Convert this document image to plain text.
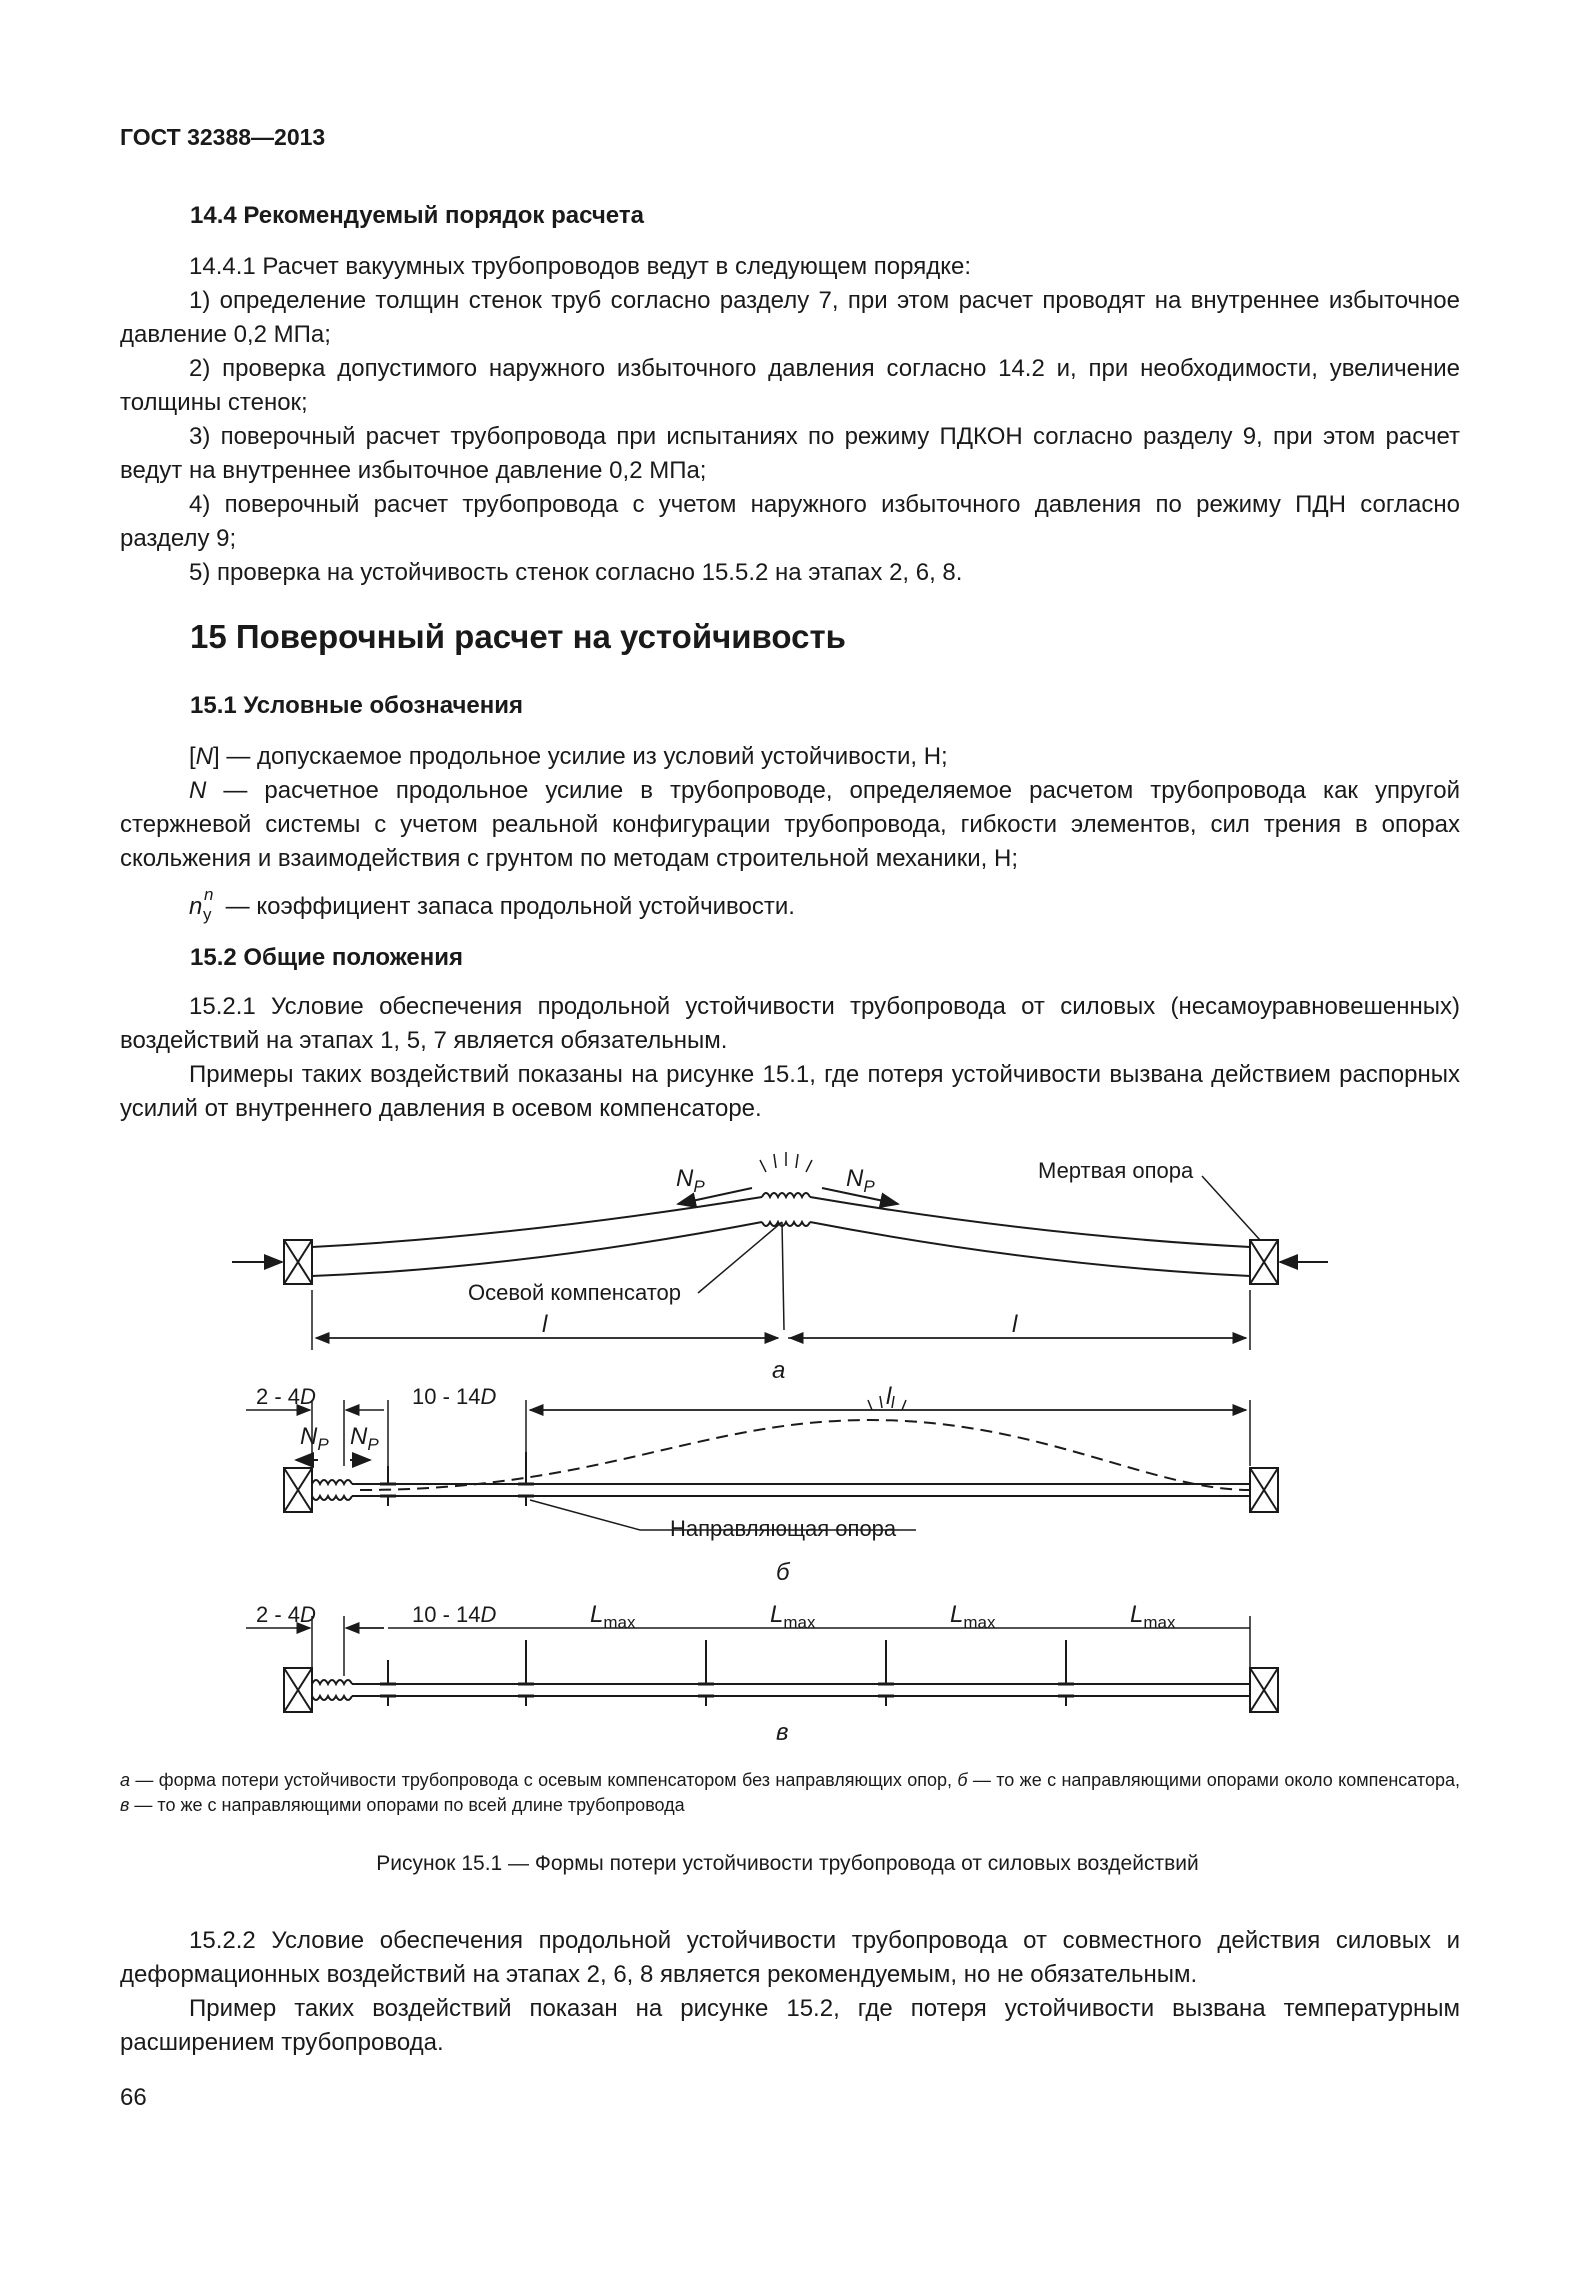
ГОСТ 32388—2013
14.4 Рекомендуемый порядок расчета
14.4.1 Расчет вакуумных трубопроводов ведут в следующем порядке:

1) определение толщин стенок труб согласно разделу 7, при этом расчет проводят на внутреннее избыточное давление 0,2 МПа;

2) проверка допустимого наружного избыточного давления согласно 14.2 и, при необходимости, увеличение толщины стенок;

3) поверочный расчет трубопровода при испытаниях по режиму ПДКОН согласно разделу 9, при этом расчет ведут на внутреннее избыточное давление 0,2 МПа;

4) поверочный расчет трубопровода с учетом наружного избыточного давления по режиму ПДН согласно разделу 9;

5) проверка на устойчивость стенок согласно 15.5.2 на этапах 2, 6, 8.
15 Поверочный расчет на устойчивость
15.1 Условные обозначения
[N] — допускаемое продольное усилие из условий устойчивости, Н;

N — расчетное продольное усилие в трубопроводе, определяемое расчетом трубопровода как упругой стержневой системы с учетом реальной конфигурации трубопровода, гибкости элементов, сил трения в опорах скольжения и взаимодействия с грунтом по методам строительной механики, Н;

n n
y — коэффициент запаса продольной устойчивости.
15.2 Общие положения

15.2.1 Условие обеспечения продольной устойчивости трубопровода от силовых (несамоуравновешенных) воздействий на этапах 1, 5, 7 является обязательным.

Примеры таких воздействий показаны на рисунке 15.1, где потеря устойчивости вызвана действием распорных усилий от внутреннего давления в осевом компенсаторе.

$N_P$	$N_P$
Мертвая опора
Осевой компенсатор
l	l
а
2 - 4D	10 - 14D	l
$N_P$ $N_P$
Направляющая опора
б
2 - 4D	10 - 14D	$L_{max}$	$L_{max}$	$L_{max}$	$L_{max}$
в
а — форма потери устойчивости трубопровода с осевым компенсатором без направляющих опор, б — то же с направляющими опорами около компенсатора, в — то же с направляющими опорами по всей длине трубопровода
Рисунок 15.1 — Формы потери устойчивости трубопровода от силовых воздействий

15.2.2 Условие обеспечения продольной устойчивости трубопровода от совместного действия силовых и деформационных воздействий на этапах 2, 6, 8 является рекомендуемым, но не обязательным.

Пример таких воздействий показан на рисунке 15.2, где потеря устойчивости вызвана температурным расширением трубопровода.

66
